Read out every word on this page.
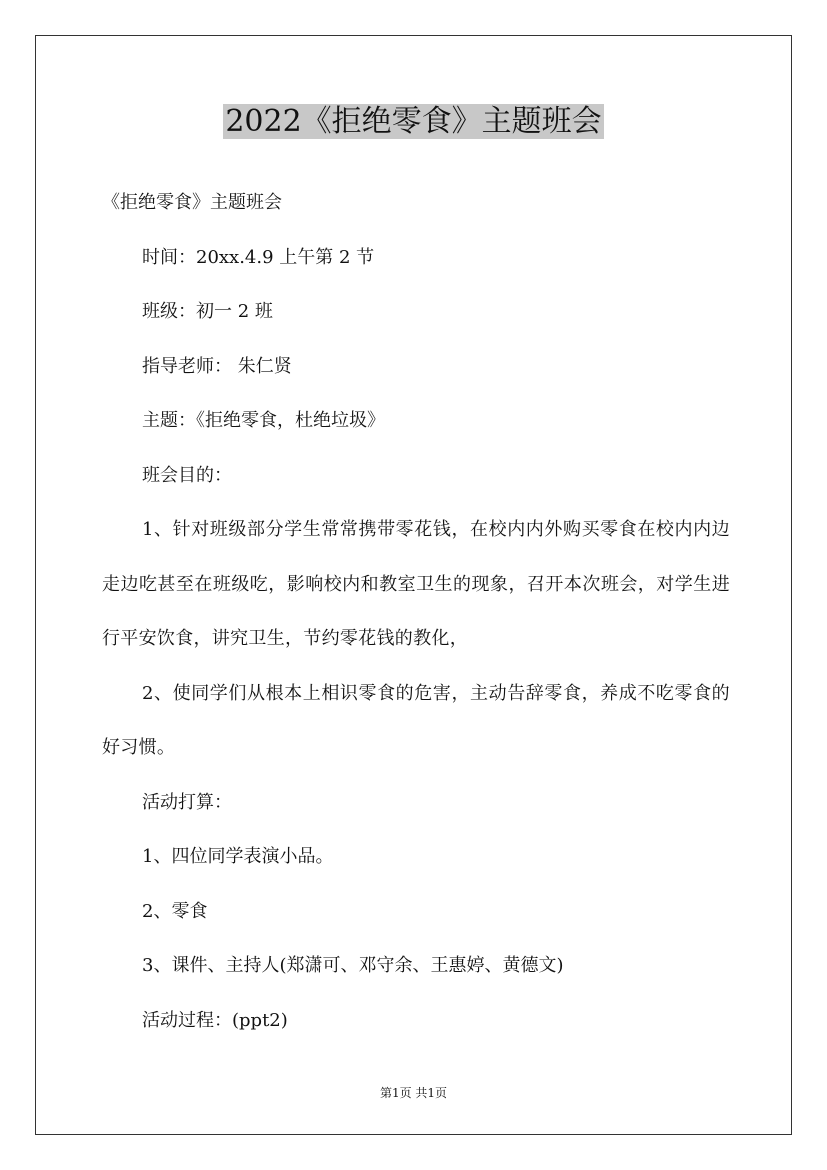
2022《拒绝零食》主题班会

《拒绝零食》主题班会

时间：20xx.4.9 上午第 2 节

班级：初一 2 班

指导老师： 朱仁贤

主题：《拒绝零食，杜绝垃圾》

班会目的：

1、针对班级部分学生常常携带零花钱，在校内内外购买零食在校内内边走边吃甚至在班级吃，影响校内和教室卫生的现象，召开本次班会，对学生进行平安饮食，讲究卫生，节约零花钱的教化，

2、使同学们从根本上相识零食的危害，主动告辞零食，养成不吃零食的好习惯。

活动打算：

1、四位同学表演小品。

2、零食

3、课件、主持人(郑潇可、邓守余、王惠婷、黄德文)

活动过程：(ppt2)

第1页 共1页
